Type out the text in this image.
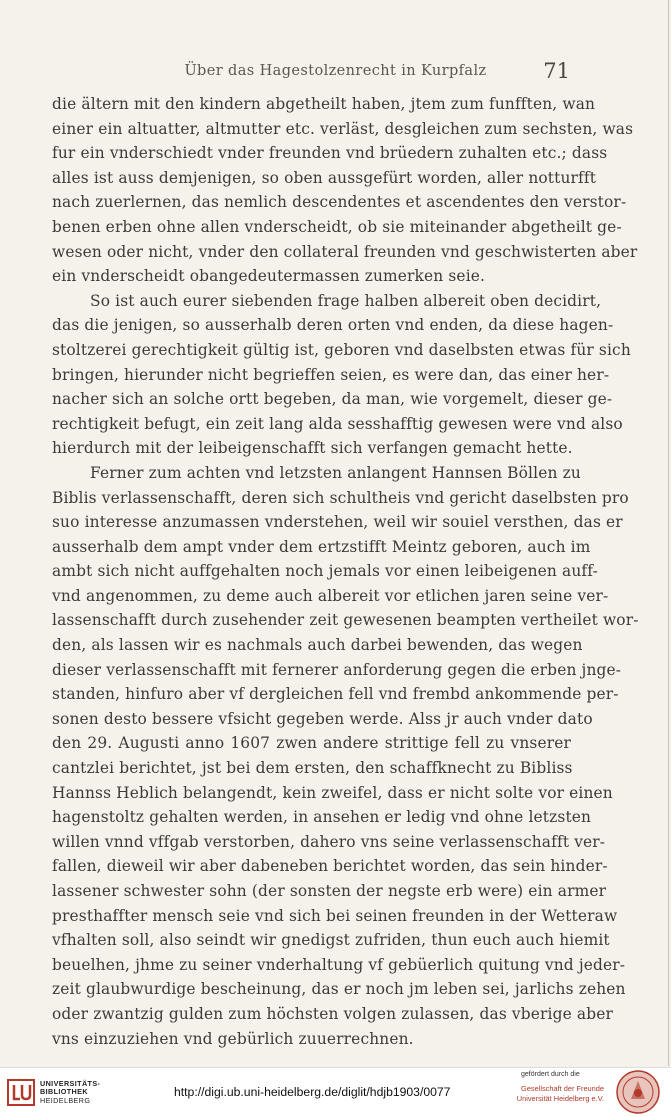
Über das Hagestolzenrecht in Kurpfalz	71
die ältern mit den kindern abgetheilt haben, jtem zum funfften, wan
einer ein altuatter, altmutter etc. verläst, desgleichen zum sechsten, was
fur ein vnderschiedt vnder freunden vnd brüedern zuhalten etc.; dass
alles ist auss demjenigen, so oben aussgefürt worden, aller notturfft
nach zuerlernen, das nemlich descendentes et ascendentes den verstor-
benen erben ohne allen vnderscheidt, ob sie miteinander abgetheilt ge-
wesen oder nicht, vnder den collateral freunden vnd geschwisterten aber
ein vnderscheidt obangedeutermassen zumerken seie.
So ist auch eurer siebenden frage halben albereit oben decidirt,
das die jenigen, so ausserhalb deren orten vnd enden, da diese hagen-
stoltzerei gerechtigkeit gültig ist, geboren vnd daselbsten etwas für sich
bringen, hierunder nicht begrieffen seien, es were dan, das einer her-
nacher sich an solche ortt begeben, da man, wie vorgemelt, dieser ge-
rechtigkeit befugt, ein zeit lang alda sesshafftig gewesen were vnd also
hierdurch mit der leibeigenschafft sich verfangen gemacht hette.
Ferner zum achten vnd letzsten anlangent Hannsen Böllen zu
Biblis verlassenschafft, deren sich schultheis vnd gericht daselbsten pro
suo interesse anzumassen vnderstehen, weil wir souiel versthen, das er
ausserhalb dem ampt vnder dem ertzstifft Meintz geboren, auch im
ambt sich nicht auffgehalten noch jemals vor einen leibeigenen auff-
vnd angenommen, zu deme auch albereit vor etlichen jaren seine ver-
lassenschafft durch zusehender zeit gewesenen beampten vertheilet wor-
den, als lassen wir es nachmals auch darbei bewenden, das wegen
dieser verlassenschafft mit fernerer anforderung gegen die erben jnge-
standen, hinfuro aber vf dergleichen fell vnd frembd ankommende per-
sonen desto bessere vfsicht gegeben werde. Alss jr auch vnder dato
den 29. Augusti anno 1607 zwen andere strittige fell zu vnserer
cantzlei berichtet, jst bei dem ersten, den schaffknecht zu Bibliss
Hannss Heblich belangendt, kein zweifel, dass er nicht solte vor einen
hagenstoltz gehalten werden, in ansehen er ledig vnd ohne letzsten
willen vnnd vffgab verstorben, dahero vns seine verlassenschafft ver-
fallen, dieweil wir aber dabeneben berichtet worden, das sein hinder-
lassener schwester sohn (der sonsten der negste erb were) ein armer
presthaffter mensch seie vnd sich bei seinen freunden in der Wetteraw
vfhalten soll, also seindt wir gnedigst zufriden, thun euch auch hiemit
beuelhen, jhme zu seiner vnderhaltung vf gebüerlich quitung vnd jeder-
zeit glaubwurdige bescheinung, das er noch jm leben sei, jarlichs zehen
oder zwantzig gulden zum höchsten volgen zulassen, das vberige aber
vns einzuziehen vnd gebürlich zuuerrechnen.
UNIVERSITÄTS-
BIBLIOTHEK
HEIDELBERG
http://digi.ub.uni-heidelberg.de/diglit/hdjb1903/0077
gefördert durch die
Gesellschaft der Freunde
Universität Heidelberg e.V.
